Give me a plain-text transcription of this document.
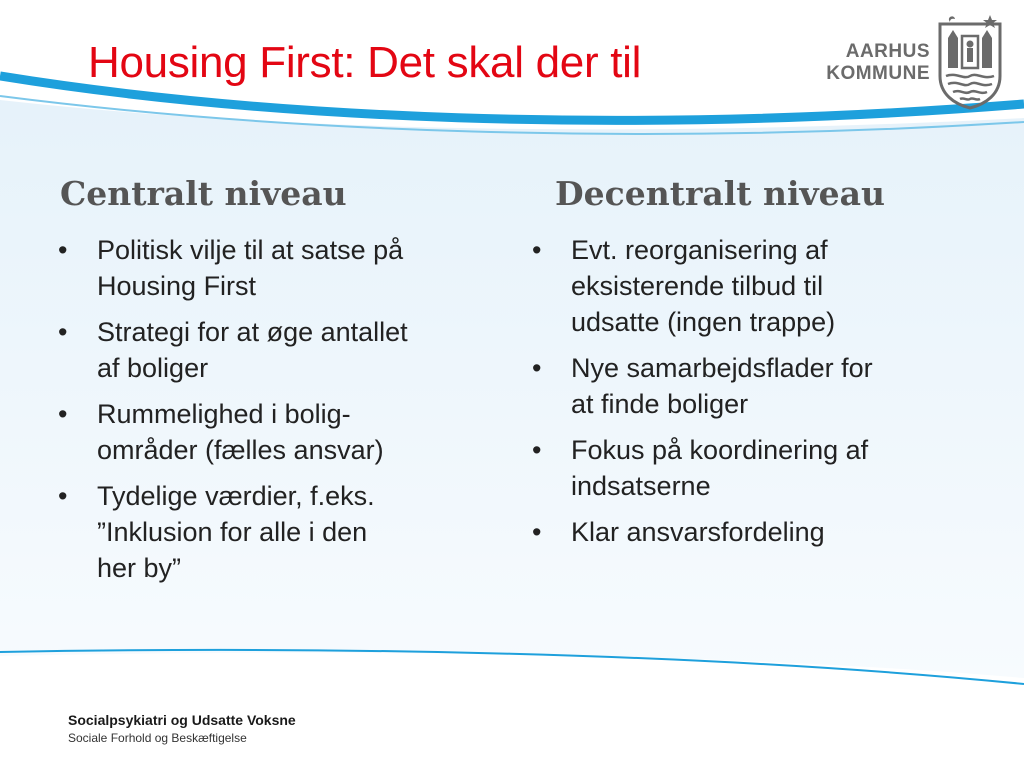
Housing First: Det skal der til	AARHUS
KOMMUNE
Centralt niveau	Decentralt niveau
• Politisk vilje til at satse på
Housing First
• Strategi for at øge antallet
af boliger
• Rummelighed i bolig-
områder (fælles ansvar)
• Tydelige værdier, f.eks.
”Inklusion for alle i den
her by”
• Evt. reorganisering af
eksisterende tilbud til
udsatte (ingen trappe)
• Nye samarbejdsflader for
at finde boliger
• Fokus på koordinering af
indsatserne
• Klar ansvarsfordeling
Socialpsykiatri og Udsatte Voksne
Sociale Forhold og Beskæftigelse
